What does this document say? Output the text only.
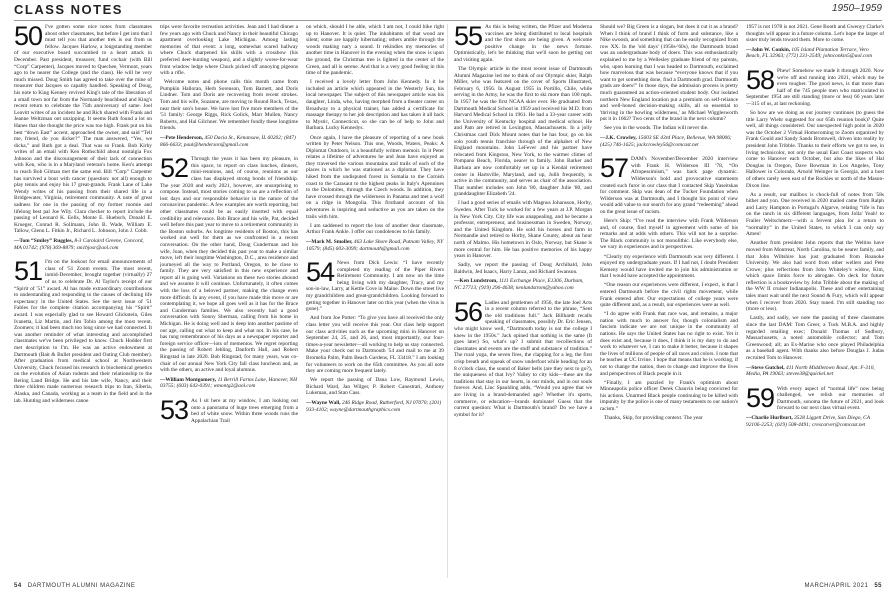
CLASS NOTES	1950–1959
50 I've gotten some nice notes from classmates about other classmates, but before I get into that I must tell you that another trek is out from us fellow. Jacques Harlow, a longstanding member of our executive board succumbed to a heart attack in December. Past president, treasurer, fund cochair (with Bill “Corp” Carpenter), Jacques moved to Quechee, Vermont, years ago to be nearer the College (and the class). He will be very much missed. Doug Smith has agreed to take over the mine of treasurer that Jacques so capably handled. Speaking of Doug, his note to King Kenney revived King's tale of the liberation of a small town not far from the Normandy beachhead and King's recent return to celebrate the 75th anniversary of same. Joel Leavitt writes of an incident he and Rich shared with Frank and Jeanne Weltzman ont unzipping. It seems Ruth found a lot on Hanes that she thought the price was too high. Frank put on his best “down East” accent, approached the owner, and said “Tell me, friend, do you dicker?” The man answered, “Yes, we dicka,” and Ruth got a deal. That was so Frank. Bob Kirby writes of an email with Ken Rothschild about nostalgia Fox Johnson and the discouragement of their lack of connection with Ken, who is in a Maryland veteran's home. Ken's attempt to reach Bob Gilman met the same end. Bill “Corp” Carpenter has survived a bout with cancer (question: not all) enough to play tennis and enjoy his 17 great-grands. Frank Lane of Lake Wendy writes of his passing from their shared life in a Bridgewater, Virginia, retirement community. A note of great sadness for one in the passing of my former roomie and lifelong best pal Joe Wily. Clara checker to report include the passing of Leonard K. Eells, Monte E. Huebsch, Donald E. Krueger, Conrad R. Sollmann, John B. Wade, William E. Tallow, Glenn L. Fitkin Jr., Richard L. Johnson, John J. Cobb.

—Tom “Smiley” Ruggles, 8-3 Carolaird Greene, Concord, MA 01742; (978) 369-8879; sm1bjosr@aol.com

51 I'm on the lookout for email announcements of class of '51 Zoom events. The most recent, inmid-December, brought together (virtually) 27 of us to celebrate Dr. Al Taylor's receipt of our “Spirit of '51” award. Al has made extraordinary contributions to understanding and responding to the causes of declining life expectancy in the United States. See the next issue of '51 Fables for the complete citation accompanying his “Spirit” award. I was especially glad to see Howard Glickstein, Giles Ivanetta, Liz Martin, and Jim Tobin among the most recent. Zoomers; it had been much too long since we had connected. It was another reminder of what interesting and accomplished classmates we've been privileged to know. Chuck Hodder first met description to I'm. He was an active endowment at Dartmouth (Bait & Bullet president and Outing Club member). After graduation from medical school at Northwestern University, Chuck focused his research in biochemical genetics on the evolution of Asian rodents and their relationship to the Bering Land Bridge. He and his late wife, Nancy, and their three children made numerous research trips to Iran, Siberia, Alaska, and Canada, working as a team in the field and in the lab. Hunting and wilderness canoe

trips were favorite recreation activities. Jean and I had dinner a few years ago with Chuck and Nancy in their beautiful Chicago apartment overlooking Lake Michigan. Among lasting memories of that event: a long, somewhat scared hallway where Chuck sharpened his skills with a crossbow (his preferred deer-hunting weapon), and a slightly worse-for-wear front window ledge where Chuck picked off annoying pigeons with a rifle.

Welcome notes and phone calls this month came from Pumpkin Halloran, Herb Sorenson, Tom Barnett, and Doris Lindner. Tom and Doris are recovering from recent strokes. Tom and his wife, Suzanne, are moving to Round Rock, Texas, near their son's house. We have lost five more members of the '51 family: George Riggs, Rick Golick, Marr Mullen, Nancy Roberts, and Hal Gilchner. We remember fondly these longtime friends.

—Pete Henderson, 450 Dacia St., Kenansaw, IL 60202; (847) 866-6633; paul@henderson@gmail.com

52 Through the years it has been my pleasure, in this space, to report on class lunches, dinners, mini-reunions, and, of course, reunions as our class has displayed strong bonds of friendship. The year 2020 and early 2021, however, are unsurprising to compose. Instead, most stories coming to us are a reflection of lost days and our responsible behavior in the nature of the coronavirus pandemic. A few examples are worth reporting, but other classmates could be as easily inserted with equal credibility and relevance. Bob Brace and his wife, Pat, decided well before this past year to move to a retirement community in the Boston suburbs. As longtime residents of Boston, this has worked out well for them as we confronted in a recent conversation. On the other hand, Doug Cunderman and his wife, Joan, when they decided this past year to make a similar move, left their longtime Washington, D.C., area residence and journeyed all the way to Portland, Oregon, to be close to family. They are very satisfied in this new experience and report all is going well. Variations on these two stories abound and we assume it will continue. Unfortunately, it often comes with the loss of a beloved partner, making the change even more difficult. In any event, if you have made this move or are contemplating it, we hope all goes well as it has for the Brace and Cunderman families. We also recently had a good conversation with Sonny Sherman, calling from his home in Michigan. He is doing well and is deep into another pastime of our age, calling out what to keep and what not. In his case, he has rung remembrance of his days as a newspaper reporter and foreign service officer—lots of mementos. We regret reporting the passing of Robert Jebling, Danforth Hall, and Robert Ringstad in late 2020. Bob Ringstad, for many years, was co-chair of our annual New York City fall class luncheon and, as with the others, an active and loyal alumnus.

—William Montgomery, 11 Berrill Farms Lane, Hanover, NH 03755; (603) 643-0391; wmontg2@aol.com

53 As I sit here at my window, I am looking out onto a panorama of huge trees emerging from a bed of white snow. Within three woods runs the Appalachian Trail

on which, should I be able, which I am not, I could hike right up to Hanover. It is quiet. The inhabitants of that wood are silent; some are happily hibernating; others amble through the woods making nary a sound. It rekindles my memories of another time in Hanover in the evening when the snow is upon the ground, the Christmas tree is lighted in the center of the Green, and all is serene. And that is a very good feeling in this time of the pandemic.

I received a lovely letter from John Kennedy. In it he included an article which appeared in the Westerly Sun, his local newspaper. The subject of this newspaper article was his daughter, Linda, who, having morphed from a theater career on Broadway to a physical trainer, has added a certificate for massage therapy to her job description and has taken it all back to Mystic, Connecticut, so she can be of help to John and Barbara. Lucky Kennedys.

Once again, I have the pleasure of reporting of a new book written by Peter Nelson. This one, Woods, Waters, Peaks: A Diplomat Outdoors, is a beautifully written memoir. In it Peter relates a lifetime of adventures he and Jean have enjoyed as they traversed the various mountains and trails of each of the places in which he was stationed as a diplomat. They have hiked from the undisputed forest in Somalia to the Cornish coast to the Carasaut to the highest peaks in Italy's Apennines to the Dolomites, through the Czech woods. In addition, they have crossed through the wilderness in Panama and met a wolf on a ridge in Mongolia. This firsthand account of his adventures is inspiring and seductive as you are taken on the trails with him.

I am saddened to report the loss of another dear classmate, Arthur Frank Ankle. I offer our condolences to his family.

—Mark M. Smoller, 463 Lake Shore Road, Putnam Valley, NY 10579; (845) 603-3099; dartmouth@gmail.com

54 News from Dick Lewis: “I have recently completed my reading of the Piper Rivers Retirement Community. I am now on the time being living with my daughter, Tracy, and my son-in-law, Larry, at Kettle Cove in Maine. Down the street live my grandchildren and great-grandchildren. Looking forward to getting together in Hanover later on this year (when the virus is gone).”

And from Joe Potter: “To give you have all received the only class letter you will receive this year. Our class help support our class activities such as the upcoming mini in Hanover on September 24, 25, and 26, and, most importantly, our four-times-a-year newsletter—all working to help us stay connected. Make your check out to Dartmouth '54 and mail to me at 39 Bromelia Palm, Palm Beach Gardens, FL 33418.” I am looking for volunteers to work on the 65th committee. As you all note they are coming more frequent lately.

We report the passing of Dana Low, Raymond Lewis, Richard Ward, Jan Wilger, P. Robert Canestrari, Anthony Lukeman, and Stan Cass.

—Wayne Wall, 246 Ridge Road, Rutherford, NJ 07070; (201) 933-4102; wayne@dartmouthgraphics.com

55 As this is being written, the Pfizer and Moderna vaccines are being distributed to local hospitals and the first shots are being given. A welcome positive change in the news fortune. Optimistically, let's be thinking that we'll soon be getting out and visiting again.

The Olympic article in the most recent issue of Dartmouth Alumni Magazine led me to think of our Olympic skier, Ralph Miller, who was featured on the cover of Sports Illustrated, February 6, 1956. In August 1955 in Portillo, Chile, while serving in the Army, he was the first to ski more than 100 mph. In 1957 he was the first NCAA skier ever. He graduated from Dartmouth Medical School in 1959 and received his M.D. from Harvard Medical School in 1961. He had a 33-year career with the University of Kentucky hospital and medical school. He and Pam are retired in Lexington, Massachusetts. In a jolly Christmas card Dick Mount notes that he has four, go on his solo youth tennis franchise through of the alphabet of New England mountains. John LeFever and his partner have relocated from Kingston, New York, to the warmer climes of Pompano Beach, Florida, nearer to family. John Barker and Barbara are now comfortably set up in a Kendal retirement center in Hartsville, Maryland, and up, Julih frequently, is active in the community, and serves as chair of the association. That number includes son John '80, daughter Julie '80, and granddaughter Elizabeth '24.

I had a good series of emails with Magnus Johansson, Horby, Sweden. After Tuck he worked for a few years at J.P. Morgan in New York City. City life was unappealing, and he became a professor, entrepreneur, and businessman in Sweden, Norway, and the United Kingdom. He sold his horses and farm in Normandie and retired to Horby, Skane County, about an hour north of Malmo. His hometown in Oslo, Norway, but Skane is more central for him. He has positive memories of his happy years in Hanover.

Sadly, we report the passing of Doug Archibald, John Baldwin, Jed Isaacs, Harry Lanza, and Richard Swanson.

—Ken Lundstrom, 1111 Exchange Place, E1306, Durham, NC 27713; (919) 296-4638; kenlundstrom@yahoo.com

56 Ladies and gentlemen of 1956, the late Joel Acts in a recent column referred to the phrase, “Sent the old traditions full.” Jack Billhardt recalls speaking of classmates, possibly Dr. Eric Jensen, who might know well, “Dartmouth today is not the college I knew in the 1950s.” Jack opined that nothing is the same (It goes later) So, what's up? I submit that recollections of classmates and events are the stuff and substance of tradition.” The rural yoga, the seven fires, the clapping for a leg, the first crisp breath and squeak of snow underfoot while heading for an 8 o'clock class, the sound of Baker bells (are they next to go?), the uniqueness of that Ivy? Valley to city kids—these are the traditions that stay in our hearts, in our minds, and in our souls forever. And, Linc Spaulding adds, “Would you agree that we are living in a brand-demanded age? Whether it's sports, commerce, or education—brands dominate! Guess that the current question: What is Dartmouth's brand? Do we have a symbol for it?

Should we? Big Green is a slogan, but does it cut it as a brand? When I think of brand I think of form and substance, like a Nike swoosh, and something that can be easily recognized from row XX. In the 'old days' (1950s-'60s), the Dartmouth brand was an undergraduate body of doers. This was enthusiastically explained to me by a Wellesley graduate friend of my parents, who, upon learning that I was headed to Dartmouth, exclaimed how marvelous that was because “everyone knows that if you want to get something done, find a Dartmouth grad. Dartmouth grads are doers!” In those days, the admission process is pretty much guaranteed an action-oriented student body. Our isolated northern New England location put a premium on self-reliance and well-honed decision-making skills, all so essential to 'thriving in the howling wilderness,' as Michael Wigglesworth put it in 1662? Two cents of the brand in the next column?

See you in the woods. The Indian will never die.

—J.K. Crowley, 15603 SE 43rd Place, Bellevue, WA 98006; (425) 746-1625; jackcrowley56@comcast.net

57 DAM's November/December 2020 interview with Frank H. Wilderson III '78, “On Afropessimism,” was back page dynamic. Wilderson's bold and provocative statements created such furor in our class that I contacted Skip Yaseitskas for comment. Skip was dean of the Tucker Foundation when Wilderson was at Dartmouth, and I thought his point of view would add value to our search for any grand “redeeming” ahead on the great issue of racism.

Here's Skip: “I've read the interview with Frank Wilderson and, of course, find myself in agreement with some of his remarks and at odds with others. This will not be a surprise. The Black community is not monolithic. Like everybody else, we vary in experiences and in perspectives.

“Clearly my experience with Dartmouth was very different. I enjoyed my undergraduate years. If I had not, I doubt President Kemeny would have invited me to join his administration or that I would have accepted the appointment.

“One reason our experiences were different, I expect, is that I entered Dartmouth before the civil rights movement, while Frank entered after. Our expectations of college years were quite different and, as a result, our experiences were as well.

“I do agree with Frank that race was, and remains, a major nation with much to answer for, though colonialism and fascism indicate we are not unique in the community of nations. He says the United States has no right to exist. Yet it does exist and, because it does, I think it is my duty to do and work to whatever we, I can to make it better, because it shapes the lives of millions of people of all races and colors. I note that he teaches at UC Irvine. I hope that means that he is working, if not to change the nation, then to change and improve the lives and perspectives of Black people in it.

“Finally, I am puzzled by Frank's optimism about Minneapolis police officer Derek Chauvin being convicted for his actions. Unarmed Black people continuing to be killed with impunity by the police is one of many testaments to our nation's racism.”

Thanks, Skip, for providing context. The year

1957 is not 1978 is not 2021. Gene Booth and Gwenyy Clarke's thoughts will appear in a future column. Let's hope the larger of sister truly lends toward them. More to come.

—John W. Conkin, 105 Island Plantation Terrace, Vero Beach, FL 32963; (772) 231-2549; johnconkin5@aol.com

58 Phew! Somehow we made it through 2020. Now we're off and running into 2021, which may be even tougher. The good news, is that more than half of the 745 people men who matriculated in September 1954 are still standing (more or less) 66 years later—315 of us, at last reckoning.

So how are we doing as our journey continues (to guess the title Larry Wiehr suggested for our 65th reunion book)? Quite well, all things considered. Our unexpected high point in 2020 was the October 2 Virtual Homecoming to Zoom organized by Frank Gould and Sandy Sands Bromwell, driven into reality by president John Tribble. Thanks to their efforts we got to see, in living technicolor, not only the usual East Coast suspects who come to Hanover each October, but also the likes of Hal Douglas in Oregon, Dave Bowman in Los Angeles, Tony Hallower in Colorado, Arnold Weinger in Georgia, and a host of others rarely seen east of the Rockies or north of the Mason-Dixon line.

As a result, our mailbox is chock-full of notes from '58s hither and yon. One received in 2020 mailed came from Ralph and Larry Hampton in Portugal's Algarve, relating “life is fun on the ranch in six different languages, from Jolla' Yeah! to Frailer Weltschmerz—with a fervent plea for a return to “normality” in the United States, to which I can only say Amen!

Another from president John reports that the Weltins have moved from Montreat, North Carolina, to be nearer family, and that John Wiltshire has just graduated from Roanoke University. We also had word from other wellers and Pete Crowe; plus reflections from John Whiteley's widow, Kim, which space limits force to abrogate. On deck for future reflection is a bookreview by John Tribble about the making of the WW II cruiser Indianapolis. These and other entertaining tales must wait until the next Sound & Fury, which will appear when I recover from 2020. Stay tuned. I'm still standing too (more or less).

Lastly, and sadly, we note the passing of three classmates since the last DAM: Tom Greer, a Tuck M.B.A. and highly regarded retailing exec; Donald Thomas of Sudbury, Massachusetts, a noted automobile collector; and Tom Greenwood; all; an Ex-Marine who once played Philadelphia as a baseball agent. With thanks also before Douglas J. Judas recruited Tom to Hanover.

—Steve Gutchel, 411 North Middletown Road, Apt. F-310, Media, PA 19063; stevee38@quickel.net

59 With every aspect of “normal life” now being challenged, we relish our memories of Dartmouth, sonoma the future of 2021, and look forward to our next class virtual event.

—Charlie Hurlburt, 3528 Liggett Drive, San Diego, CA 92106-2253; (619) 508-4491; crescarver@comcast.net

54 DARTMOUTH ALUMNI MAGAZINE	MARCH/APRIL 2021 55
